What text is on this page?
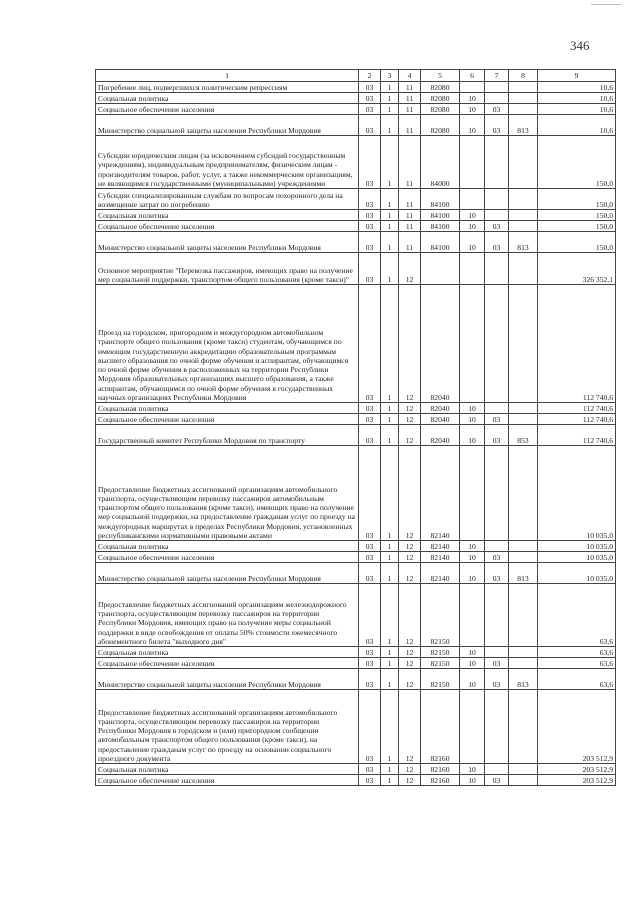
346
1	2	3	4	5	6	7	8	9
Погребение лиц, подвергшихся политическим репрессиям	03	1	11	82080				10,6
Социальная политика	03	1	11	82080	10			10,6
Социальное обеспечение населения	03	1	11	82080	10	03		10,6
Министерство социальной защиты населения Республики Мордовия	03	1	11	82080	10	03	813	10,6
Субсидии юридическим лицам (за исключением субсидий государственным учреждениям), индивидуальным предпринимателям, физическим лицам - производителям товаров, работ, услуг, а также некоммерческим организациям, не являющимся государственными (муниципальными) учреждениями	03	1	11	84000				150,0
Субсидии специализированным службам по вопросам похоронного дела на возмещение затрат по погребению	03	1	11	84100				150,0
Социальная политика	03	1	11	84100	10			150,0
Социальное обеспечение населения	03	1	11	84100	10	03		150,0
Министерство социальной защиты населения Республики Мордовия	03	1	11	84100	10	03	813	150,0
Основное мероприятие "Перевозка пассажиров, имеющих право на получение мер социальной поддержки, транспортом общего пользования (кроме такси)"	03	1	12					326 352,1
Проезд на городском, пригородном и междугородном автомобильном транспорте общего пользования (кроме такси) студентам, обучающимся по имеющим государственную аккредитацию образовательным программам высшего образования по очной форме обучения и аспирантам, обучающимся по очной форме обучения в расположенных на территории Республики Мордовия образовательных организациях высшего образования, а также аспирантам, обучающимся по очной форме обучения в государственных научных организациях Республики Мордовия	03	1	12	82040				112 740,6
Социальная политика	03	1	12	82040	10			112 740,6
Социальное обеспечение населения	03	1	12	82040	10	03		112 740,6
Государственный комитет Республики Мордовия по транспорту	03	1	12	82040	10	03	853	112 740,6
Предоставление бюджетных ассигнований организациям автомобильного транспорта, осуществляющим перевозку пассажиров автомобильным транспортом общего пользования (кроме такси), имеющих право на получение мер социальной поддержки, на предоставление гражданам услуг по проезду на междугородных маршрутах в пределах Республики Мордовия, установленных республиканскими нормативными правовыми актами	03	1	12	82140				10 035,0
Социальная политика	03	1	12	82140	10			10 035,0
Социальное обеспечение населения	03	1	12	82140	10	03		10 035,0
Министерство социальной защиты населения Республики Мордовия	03	1	12	82140	10	03	813	10 035,0
Предоставление бюджетных ассигнований организациям железнодорожного транспорта, осуществляющим перевозку пассажиров на территории Республики Мордовия, имеющих право на получение меры социальной поддержки в виде освобождения от оплаты 50% стоимости ежемесячного абонементного билета "выходного дня"	03	1	12	82150				63,6
Социальная политика	03	1	12	82150	10			63,6
Социальное обеспечение населения	03	1	12	82150	10	03		63,6
Министерство социальной защиты населения Республики Мордовия	03	1	12	82150	10	03	813	63,6
Предоставление бюджетных ассигнований организациям автомобильного транспорта, осуществляющим перевозку пассажиров на территории Республики Мордовия в городском и (или) пригородном сообщении автомобильным транспортом общего пользования (кроме такси), на предоставление гражданам услуг по проезду на основании социального проездного документа	03	1	12	82160				203 512,9
Социальная политика	03	1	12	82160	10			203 512,9
Социальное обеспечение населения	03	1	12	82160	10	03		203 512,9
